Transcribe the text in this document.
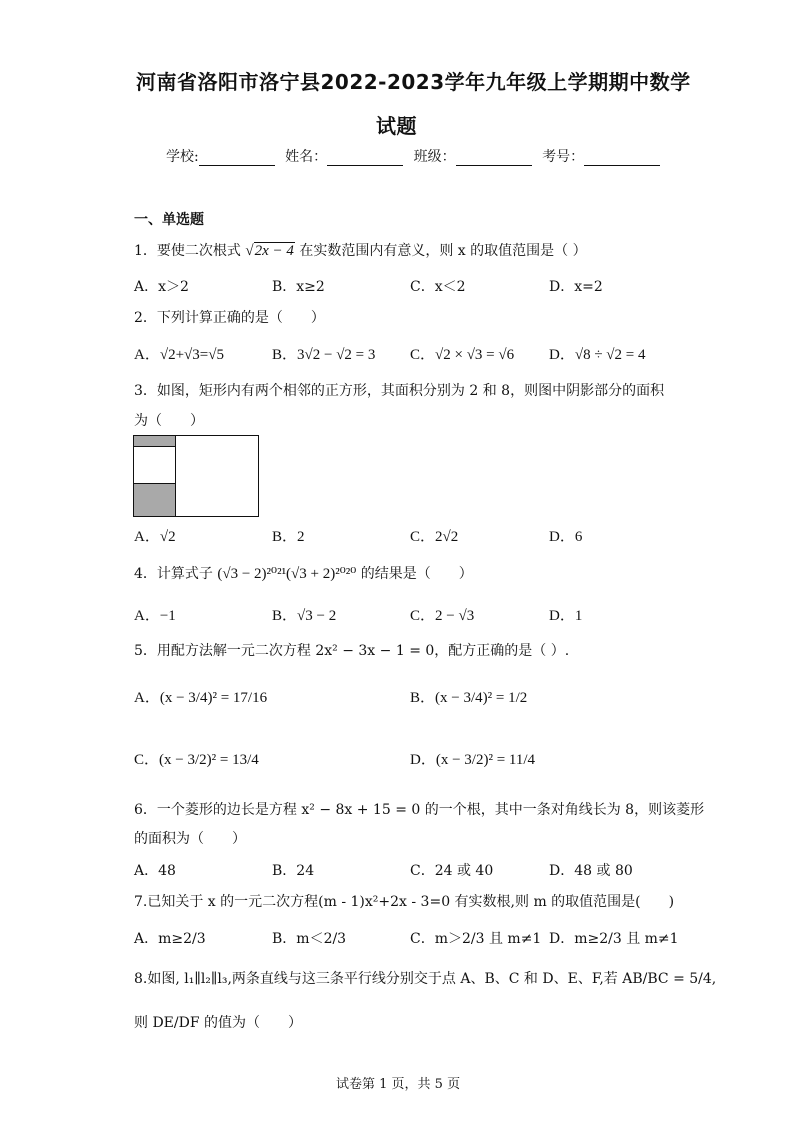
河南省洛阳市洛宁县2022-2023学年九年级上学期期中数学
试题
学校:	姓名：	班级：	考号：
一、单选题
1．要使二次根式 √2x − 4 在实数范围内有意义，则 x 的取值范围是（ ）
A．x＞2	B．x≥2	C．x＜2	D．x=2
2．下列计算正确的是（　　）
A．√2+√3=√5	B．3√2 − √2 = 3 C．√2 × √3 = √6 D．√8 ÷ √2 = 4
3．如图，矩形内有两个相邻的正方形，其面积分别为 2 和 8，则图中阴影部分的面积
为（　　）
A．√2	B．2	C．2√2	D．6
4．计算式子 (√3 − 2)²⁰²¹(√3 + 2)²⁰²⁰ 的结果是（　　）
A．−1	B．√3 − 2	C．2 − √3	D．1
5．用配方法解一元二次方程 2x² − 3x − 1 = 0，配方正确的是（ ）.
A．(x − 3/4)² = 17/16	B．(x − 3/4)² = 1/2
C．(x − 3/2)² = 13/4	D．(x − 3/2)² = 11/4
6．一个菱形的边长是方程 x² − 8x + 15 = 0 的一个根，其中一条对角线长为 8，则该菱形
的面积为（　　）
A．48	B．24	C．24 或 40	D．48 或 80
7.已知关于 x 的一元二次方程(m - 1)x²+2x - 3=0 有实数根,则 m 的取值范围是(　　)
A．m≥2/3	B．m＜2/3	C．m＞2/3 且 m≠1 D．m≥2/3 且 m≠1
8.如图, l₁∥l₂∥l₃,两条直线与这三条平行线分别交于点 A、B、C 和 D、E、F,若 AB/BC = 5/4,
则 DE/DF 的值为（　　）
试卷第 1 页，共 5 页
